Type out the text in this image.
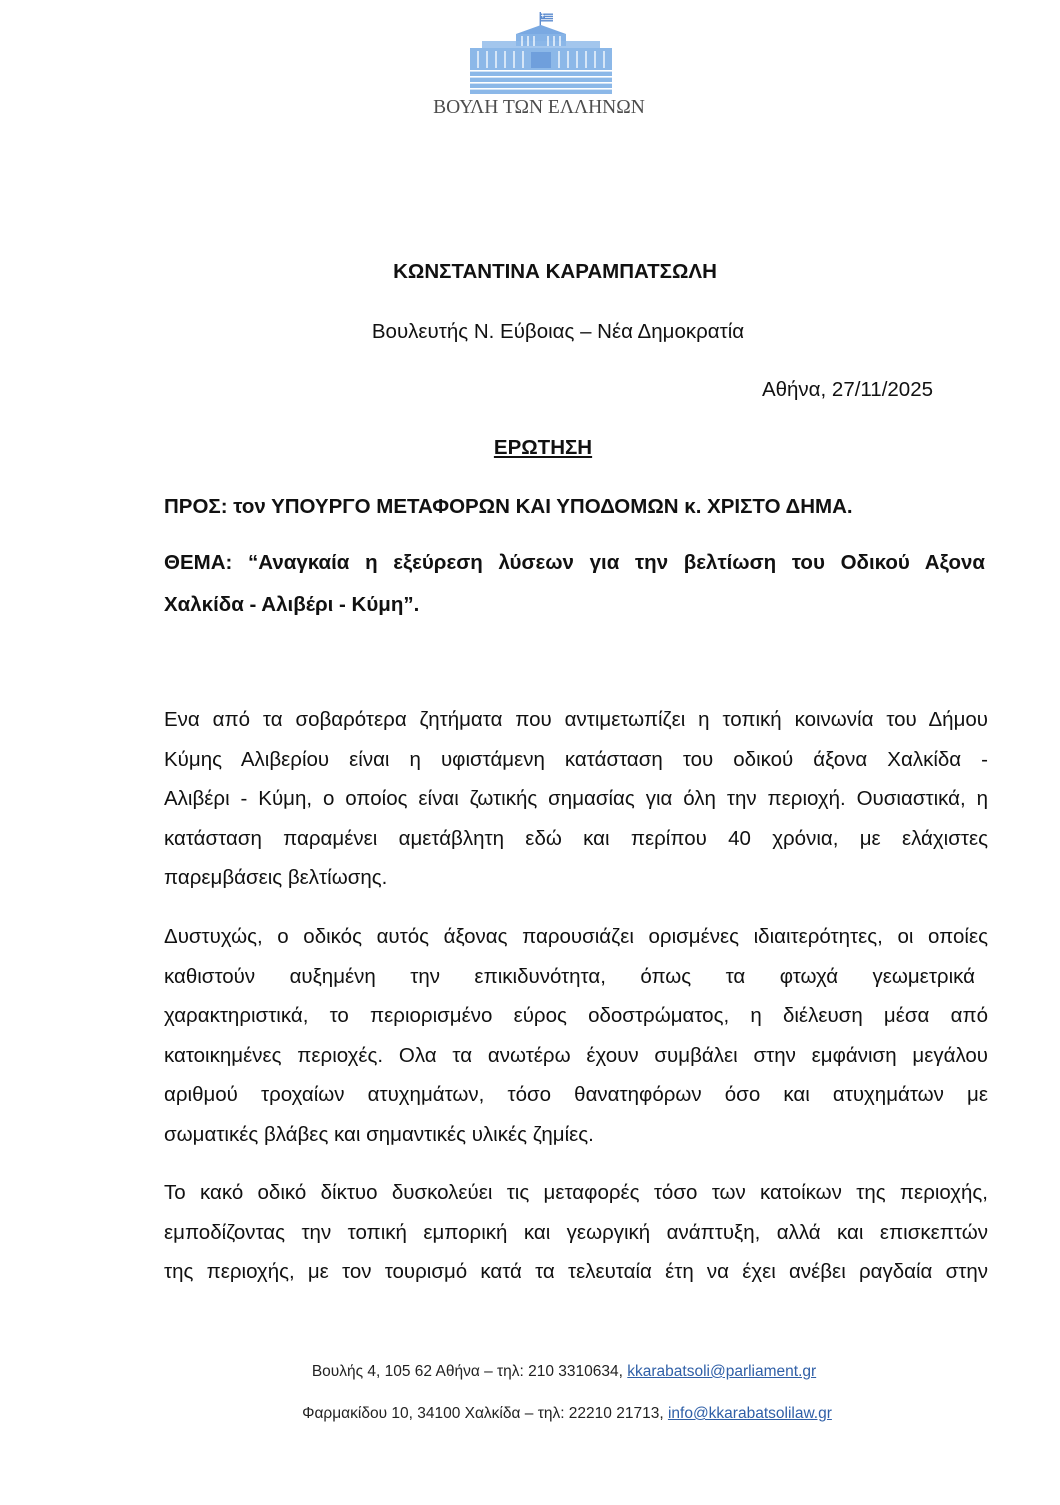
ΒΟΥΛΗ ΤΩΝ ΕΛΛΗΝΩΝ
ΚΩΝΣΤΑΝΤΙΝΑ ΚΑΡΑΜΠΑΤΣΩΛΗ
Βουλευτής Ν. Εύβοιας – Νέα Δημοκρατία
Αθήνα, 27/11/2025
ΕΡΩΤΗΣΗ
ΠΡΟΣ: τον ΥΠΟΥΡΓΟ ΜΕΤΑΦΟΡΩΝ ΚΑΙ ΥΠΟΔΟΜΩΝ κ. ΧΡΙΣΤΟ ΔΗΜΑ.
ΘΕΜΑ: “Αναγκαία η εξεύρεση λύσεων για την βελτίωση του Οδικού Αξονα
Χαλκίδα - Αλιβέρι - Κύμη”.
Ενα από τα σοβαρότερα ζητήματα που αντιμετωπίζει η τοπική κοινωνία του Δήμου
Κύμης Αλιβερίου είναι η υφιστάμενη κατάσταση του οδικού άξονα Χαλκίδα -
Αλιβέρι - Κύμη, ο οποίος είναι ζωτικής σημασίας για όλη την περιοχή. Ουσιαστικά, η
κατάσταση παραμένει αμετάβλητη εδώ και περίπου 40 χρόνια, με ελάχιστες
παρεμβάσεις βελτίωσης.
Δυστυχώς, ο οδικός αυτός άξονας παρουσιάζει ορισμένες ιδιαιτερότητες, οι οποίες
καθιστούν αυξημένη την επικιδυνότητα, όπως τα φτωχά γεωμετρικά
χαρακτηριστικά, το περιορισμένο εύρος οδοστρώματος, η διέλευση μέσα από
κατοικημένες περιοχές. Ολα τα ανωτέρω έχουν συμβάλει στην εμφάνιση μεγάλου
αριθμού τροχαίων ατυχημάτων, τόσο θανατηφόρων όσο και ατυχημάτων με
σωματικές βλάβες και σημαντικές υλικές ζημίες.
Το κακό οδικό δίκτυο δυσκολεύει τις μεταφορές τόσο των κατοίκων της περιοχής,
εμποδίζοντας την τοπική εμπορική και γεωργική ανάπτυξη, αλλά και επισκεπτών
της περιοχής, με τον τουρισμό κατά τα τελευταία έτη να έχει ανέβει ραγδαία στην
Βουλής 4, 105 62 Αθήνα – τηλ: 210 3310634, kkarabatsoli@parliament.gr
Φαρμακίδου 10, 34100 Χαλκίδα – τηλ: 22210 21713, info@kkarabatsolilaw.gr
